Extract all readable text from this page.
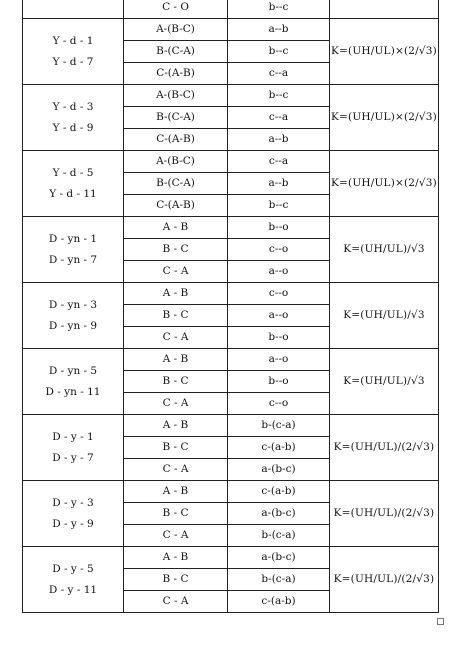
	C - O	b--c	

Y - d - 1
Y - d - 7	A-(B-C)	a--b	K=(UH/UL)×(2/√3)
	B-(C-A)	b--c	
	C-(A-B)	c--a	

Y - d - 3
Y - d - 9	A-(B-C)	b--c	K=(UH/UL)×(2/√3)
	B-(C-A)	c--a	
	C-(A-B)	a--b	

Y - d - 5
Y - d - 11	A-(B-C)	c--a	K=(UH/UL)×(2/√3)
	B-(C-A)	a--b	
	C-(A-B)	b--c	

D - yn - 1
D - yn - 7	A - B	b--o	K=(UH/UL)/√3
	B - C	c--o	
	C - A	a--o	

D - yn - 3
D - yn - 9	A - B	c--o	K=(UH/UL)/√3
	B - C	a--o	
	C - A	b--o	

D - yn - 5
D - yn - 11	A - B	a--o	K=(UH/UL)/√3
	B - C	b--o	
	C - A	c--o	

D - y - 1
D - y - 7	A - B	b-(c-a)	K=(UH/UL)/(2/√3)
	B - C	c-(a-b)	
	C - A	a-(b-c)	

D - y - 3
D - y - 9	A - B	c-(a-b)	K=(UH/UL)/(2/√3)
	B - C	a-(b-c)	
	C - A	b-(c-a)	

D - y - 5
D - y - 11	A - B	a-(b-c)	K=(UH/UL)/(2/√3)
	B - C	b-(c-a)	
	C - A	c-(a-b)	
